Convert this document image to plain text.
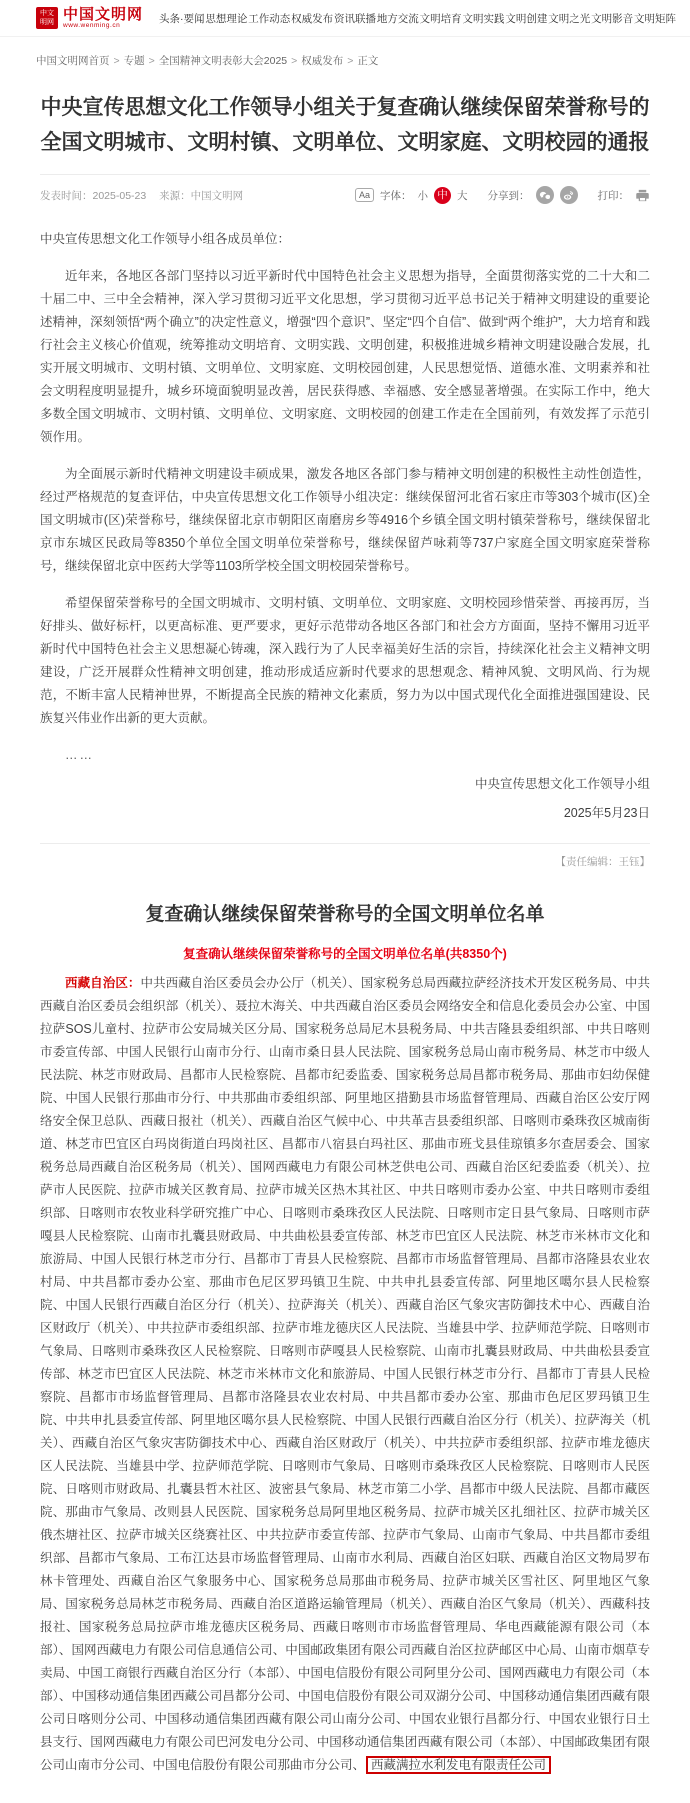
中文
明网 中国文明网
www.wenming.cn
头条·要闻 思想理论 工作动态 权威发布 资讯联播 地方交流 文明培育 文明实践 文明创建 文明之光 文明影音 文明矩阵
中国文明网首页 > 专题 > 全国精神文明表彰大会2025 > 权威发布 > 正文
中央宣传思想文化工作领导小组关于复查确认继续保留荣誉称号的
全国文明城市、文明村镇、文明单位、文明家庭、文明校园的通报
发表时间：2025-05-23 来源：中国文明网	Aa 字体： 小 中 大 分享到：	打印：

中央宣传思想文化工作领导小组各成员单位：

近年来，各地区各部门坚持以习近平新时代中国特色社会主义思想为指导，全面贯彻落实党的二十大和二十届二中、三中全会精神，深入学习贯彻习近平文化思想，学习贯彻习近平总书记关于精神文明建设的重要论述精神，深刻领悟“两个确立”的决定性意义，增强“四个意识”、坚定“四个自信”、做到“两个维护”，大力培育和践行社会主义核心价值观，统筹推动文明培育、文明实践、文明创建，积极推进城乡精神文明建设融合发展，扎实开展文明城市、文明村镇、文明单位、文明家庭、文明校园创建，人民思想觉悟、道德水准、文明素养和社会文明程度明显提升，城乡环境面貌明显改善，居民获得感、幸福感、安全感显著增强。在实际工作中，绝大多数全国文明城市、文明村镇、文明单位、文明家庭、文明校园的创建工作走在全国前列，有效发挥了示范引领作用。

为全面展示新时代精神文明建设丰硕成果，激发各地区各部门参与精神文明创建的积极性主动性创造性，经过严格规范的复查评估，中央宣传思想文化工作领导小组决定：继续保留河北省石家庄市等303个城市(区)全国文明城市(区)荣誉称号，继续保留北京市朝阳区南磨房乡等4916个乡镇全国文明村镇荣誉称号，继续保留北京市东城区民政局等8350个单位全国文明单位荣誉称号，继续保留芦咏莉等737户家庭全国文明家庭荣誉称号，继续保留北京中医药大学等1103所学校全国文明校园荣誉称号。

希望保留荣誉称号的全国文明城市、文明村镇、文明单位、文明家庭、文明校园珍惜荣誉、再接再厉，当好排头、做好标杆，以更高标准、更严要求，更好示范带动各地区各部门和社会方方面面，坚持不懈用习近平新时代中国特色社会主义思想凝心铸魂，深入践行为了人民幸福美好生活的宗旨，持续深化社会主义精神文明建设，广泛开展群众性精神文明创建，推动形成适应新时代要求的思想观念、精神风貌、文明风尚、行为规范，不断丰富人民精神世界，不断提高全民族的精神文化素质，努力为以中国式现代化全面推进强国建设、民族复兴伟业作出新的更大贡献。

……

中央宣传思想文化工作领导小组

2025年5月23日

【责任编辑：王钰】
复查确认继续保留荣誉称号的全国文明单位名单
复查确认继续保留荣誉称号的全国文明单位名单(共8350个)

西藏自治区：中共西藏自治区委员会办公厅（机关）、国家税务总局西藏拉萨经济技术开发区税务局、中共西藏自治区委员会组织部（机关）、聂拉木海关、中共西藏自治区委员会网络安全和信息化委员会办公室、中国拉萨SOS儿童村、拉萨市公安局城关区分局、国家税务总局尼木县税务局、中共吉隆县委组织部、中共日喀则市委宣传部、中国人民银行山南市分行、山南市桑日县人民法院、国家税务总局山南市税务局、林芝市中级人民法院、林芝市财政局、昌都市人民检察院、昌都市纪委监委、国家税务总局昌都市税务局、那曲市妇幼保健院、中国人民银行那曲市分行、中共那曲市委组织部、阿里地区措勤县市场监督管理局、西藏自治区公安厅网络安全保卫总队、西藏日报社（机关）、西藏自治区气候中心、中共革吉县委组织部、日喀则市桑珠孜区城南街道、林芝市巴宜区白玛岗街道白玛岗社区、昌都市八宿县白玛社区、那曲市班戈县佳琼镇多尔查居委会、国家税务总局西藏自治区税务局（机关）、国网西藏电力有限公司林芝供电公司、西藏自治区纪委监委（机关）、拉萨市人民医院、拉萨市城关区教育局、拉萨市城关区热木其社区、中共日喀则市委办公室、中共日喀则市委组织部、日喀则市农牧业科学研究推广中心、日喀则市桑珠孜区人民法院、日喀则市定日县气象局、日喀则市萨嘎县人民检察院、山南市扎囊县财政局、中共曲松县委宣传部、林芝市巴宜区人民法院、林芝市米林市文化和旅游局、中国人民银行林芝市分行、昌都市丁青县人民检察院、昌都市市场监督管理局、昌都市洛隆县农业农村局、中共昌都市委办公室、那曲市色尼区罗玛镇卫生院、中共申扎县委宣传部、阿里地区噶尔县人民检察院、中国人民银行西藏自治区分行（机关）、拉萨海关（机关）、西藏自治区气象灾害防御技术中心、西藏自治区财政厅（机关）、中共拉萨市委组织部、拉萨市堆龙德庆区人民法院、当雄县中学、拉萨师范学院、日喀则市气象局、日喀则市桑珠孜区人民检察院、日喀则市萨嘎县人民检察院、山南市扎囊县财政局、中共曲松县委宣传部、林芝市巴宜区人民法院、林芝市米林市文化和旅游局、中国人民银行林芝市分行、昌都市丁青县人民检察院、昌都市市场监督管理局、昌都市洛隆县农业农村局、中共昌都市委办公室、那曲市色尼区罗玛镇卫生院、中共申扎县委宣传部、阿里地区噶尔县人民检察院、中国人民银行西藏自治区分行（机关）、拉萨海关（机关）、西藏自治区气象灾害防御技术中心、西藏自治区财政厅（机关）、中共拉萨市委组织部、拉萨市堆龙德庆区人民法院、当雄县中学、拉萨师范学院、日喀则市气象局、日喀则市桑珠孜区人民检察院、日喀则市人民医院、日喀则市财政局、扎囊县哲木社区、波密县气象局、林芝市第二小学、昌都市中级人民法院、昌都市藏医院、那曲市气象局、改则县人民医院、国家税务总局阿里地区税务局、拉萨市城关区扎细社区、拉萨市城关区俄杰塘社区、拉萨市城关区绕赛社区、中共拉萨市委宣传部、拉萨市气象局、山南市气象局、中共昌都市委组织部、昌都市气象局、工布江达县市场监督管理局、山南市水利局、西藏自治区妇联、西藏自治区文物局罗布林卡管理处、西藏自治区气象服务中心、国家税务总局那曲市税务局、拉萨市城关区雪社区、阿里地区气象局、国家税务总局林芝市税务局、西藏自治区道路运输管理局（机关）、西藏自治区气象局（机关）、西藏科技报社、国家税务总局拉萨市堆龙德庆区税务局、西藏日喀则市市场监督管理局、华电西藏能源有限公司（本部）、国网西藏电力有限公司信息通信公司、中国邮政集团有限公司西藏自治区拉萨邮区中心局、山南市烟草专卖局、中国工商银行西藏自治区分行（本部）、中国电信股份有限公司阿里分公司、国网西藏电力有限公司（本部）、中国移动通信集团西藏公司昌都分公司、中国电信股份有限公司双湖分公司、中国移动通信集团西藏有限公司日喀则分公司、中国移动通信集团西藏有限公司山南分公司、中国农业银行昌都分行、中国农业银行日土县支行、国网西藏电力有限公司巴河发电分公司、中国移动通信集团西藏有限公司（本部）、中国邮政集团有限公司山南市分公司、中国电信股份有限公司那曲市分公司、 西藏满拉水利发电有限责任公司
